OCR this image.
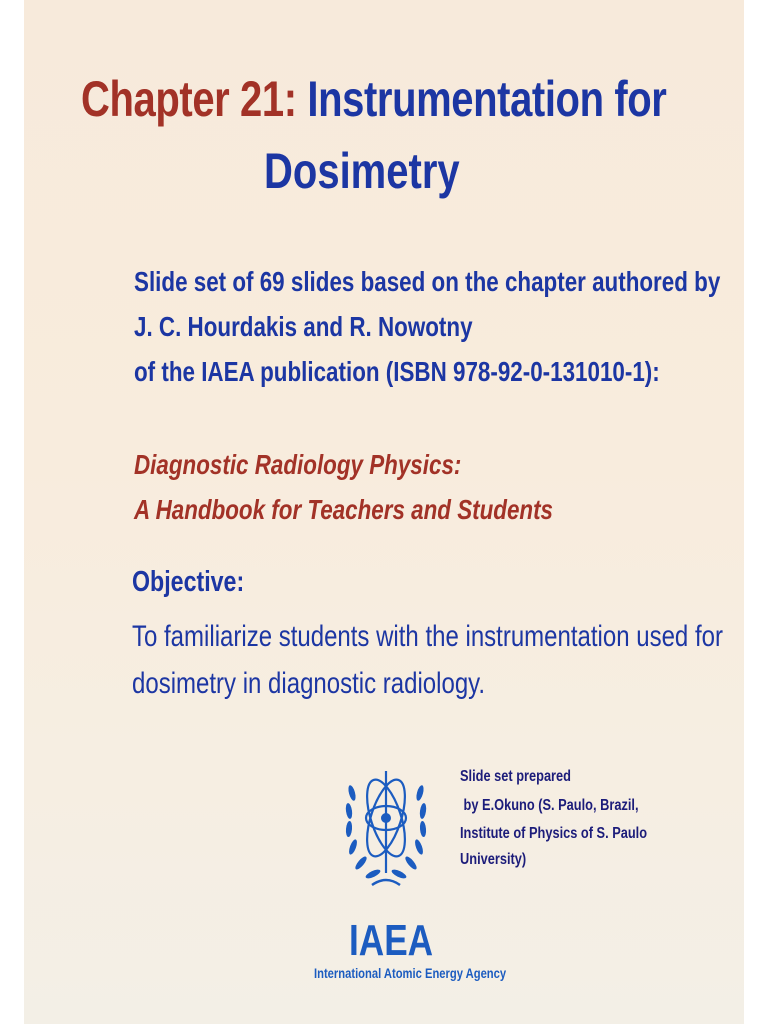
Chapter 21: Instrumentation for
Dosimetry
Slide set of 69 slides based on the chapter authored by
J. C. Hourdakis and R. Nowotny
of the IAEA publication (ISBN 978-92-0-131010-1):
Diagnostic Radiology Physics:
A Handbook for Teachers and Students
Objective:
To familiarize students with the instrumentation used for
dosimetry in diagnostic radiology.
IAEA
International Atomic Energy Agency
Slide set prepared
by E.Okuno (S. Paulo, Brazil,
Institute of Physics of S. Paulo
University)
